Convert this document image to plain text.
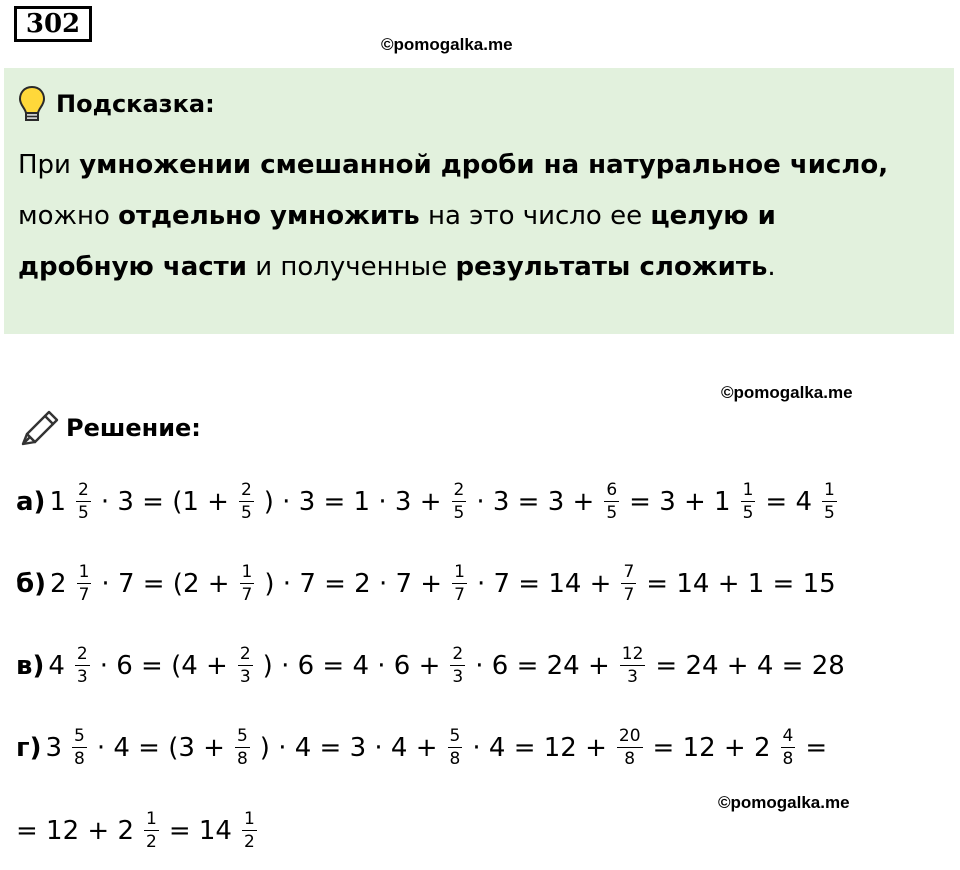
302
©pomogalka.me
Подсказка:
При умножении смешанной дроби на натуральное число,
можно отдельно умножить на это число ее целую и
дробную части и полученные результаты сложить.
©pomogalka.me
Решение:
а) $1 \frac{2}{5} \cdot 3 = (1 + \frac{2}{5}$ ) · $3 = 1 \cdot 3 + \frac{2}{5} \cdot 3 = 3 + \frac{6}{5} = 3 + 1 \frac{1}{5} = 4 \frac{1}{5}$
б) $2 \frac{1}{7} \cdot 7 = (2 + \frac{1}{7}$ ) · $7 = 2 \cdot 7 + \frac{1}{7} \cdot 7 = 14 + \frac{7}{7} = 14 + 1 = 15$
в) $4 \frac{2}{3} \cdot 6 = (4 + \frac{2}{3}$ ) · $6 = 4 \cdot 6 + \frac{2}{3} \cdot 6 = 24 + \frac{12}{3} = 24 + 4 = 28$
г) $3 \frac{5}{8} \cdot 4 = (3 + \frac{5}{8}$ ) · $4 = 3 \cdot 4 + \frac{5}{8} \cdot 4 = 12 + \frac{20}{8} = 12 + 2 \frac{4}{8}$ =
©pomogalka.me
= $12 + 2 \frac{1}{2} = 14 \frac{1}{2}$
